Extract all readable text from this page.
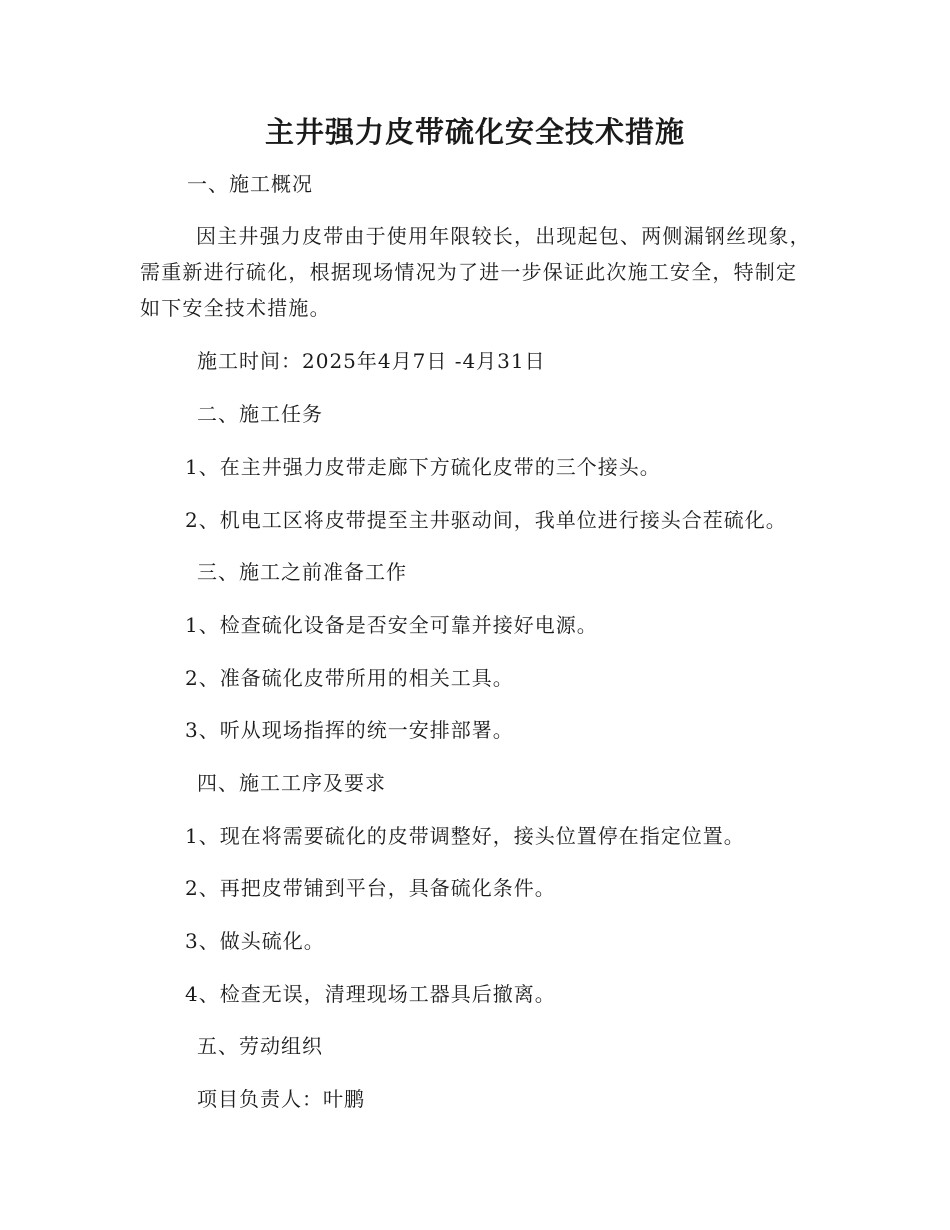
主井强力皮带硫化安全技术措施

一、施工概况

因主井强力皮带由于使用年限较长，出现起包、两侧漏钢丝现象，需重新进行硫化，根据现场情况为了进一步保证此次施工安全，特制定如下安全技术措施。

施工时间：2025年4月7日 -4月31日

二、施工任务

1、在主井强力皮带走廊下方硫化皮带的三个接头。

2、机电工区将皮带提至主井驱动间，我单位进行接头合茬硫化。

三、施工之前准备工作

1、检查硫化设备是否安全可靠并接好电源。

2、准备硫化皮带所用的相关工具。

3、听从现场指挥的统一安排部署。

四、施工工序及要求

1、现在将需要硫化的皮带调整好，接头位置停在指定位置。

2、再把皮带铺到平台，具备硫化条件。

3、做头硫化。

4、检查无误，清理现场工器具后撤离。

五、劳动组织

项目负责人：叶鹏
